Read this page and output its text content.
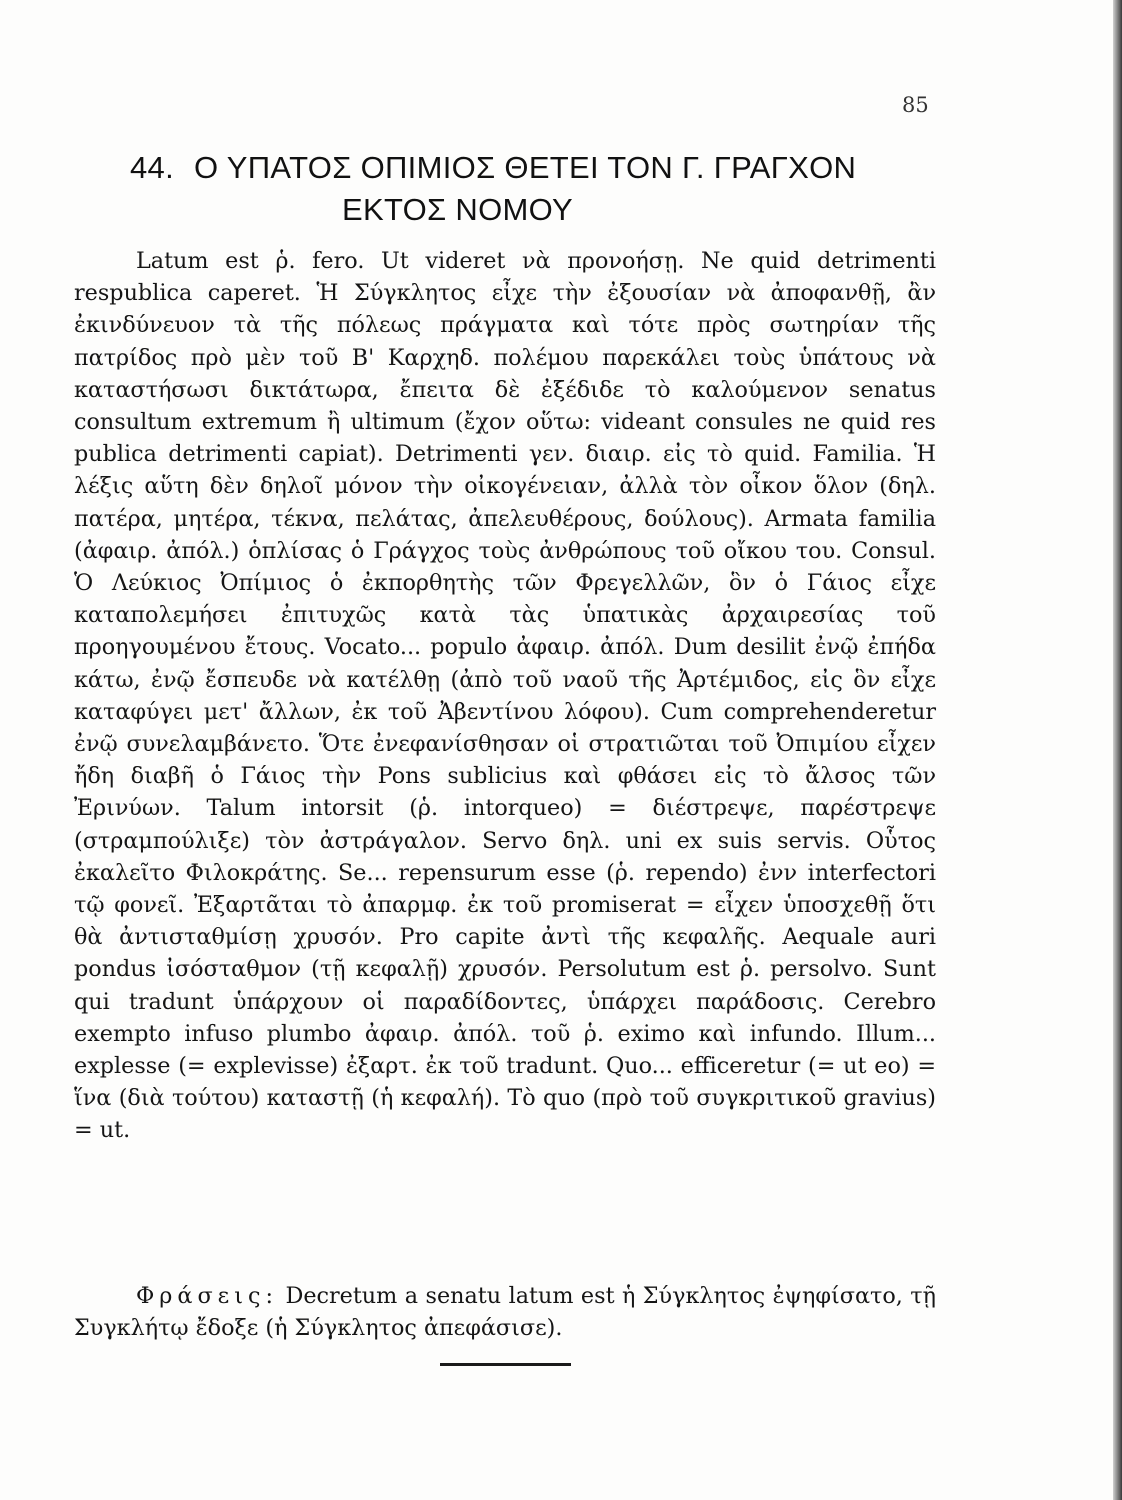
85
44. Ο ΥΠΑΤΟΣ ΟΠΙΜΙΟΣ ΘΕΤΕΙ ΤΟΝ Γ. ΓΡΑΓΧΟΝ
ΕΚΤΟΣ ΝΟΜΟΥ

Latum est ῥ. fero. Ut videret νὰ προνοήσῃ. Ne quid detrimenti respublica caperet. Ἡ Σύγκλητος εἶχε τὴν ἐξουσίαν νὰ ἀποφανθῇ, ἂν ἐκινδύνευον τὰ τῆς πόλεως πράγματα καὶ τότε πρὸς σωτηρίαν τῆς πατρίδος πρὸ μὲν τοῦ Β' Καρχηδ. πολέμου παρεκάλει τοὺς ὑπάτους νὰ καταστήσωσι δικτάτωρα, ἔπειτα δὲ ἐξέδιδε τὸ καλούμενον senatus consultum extremum ἢ ultimum (ἔχον οὕτω: videant consules ne quid res publica detrimenti capiat). Detrimenti γεν. διαιρ. εἰς τὸ quid. Familia. Ἡ λέξις αὕτη δὲν δηλοῖ μόνον τὴν οἰκογένειαν, ἀλλὰ τὸν οἶκον ὅλον (δηλ. πατέρα, μητέρα, τέκνα, πελάτας, ἀπελευθέρους, δούλους). Armata familia (ἀφαιρ. ἀπόλ.) ὁπλίσας ὁ Γράγχος τοὺς ἀνθρώπους τοῦ οἴκου του. Consul. Ὁ Λεύκιος Ὀπίμιος ὁ ἐκπορθητὴς τῶν Φρεγελλῶν, ὃν ὁ Γάιος εἶχε καταπολεμήσει ἐπιτυχῶς κατὰ τὰς ὑπατικὰς ἀρχαιρεσίας τοῦ προηγουμένου ἔτους. Vocato... populo ἀφαιρ. ἀπόλ. Dum desilit ἐνῷ ἐπήδα κάτω, ἐνῷ ἔσπευδε νὰ κατέλθῃ (ἀπὸ τοῦ ναοῦ τῆς Ἀρτέμιδος, εἰς ὃν εἶχε καταφύγει μετ' ἄλλων, ἐκ τοῦ Ἀβεντίνου λόφου). Cum comprehenderetur ἐνῷ συνελαμβάνετο. Ὅτε ἐνεφανίσθησαν οἱ στρατιῶται τοῦ Ὀπιμίου εἶχεν ἤδη διαβῆ ὁ Γάιος τὴν Pons sublicius καὶ φθάσει εἰς τὸ ἄλσος τῶν Ἐρινύων. Talum intorsit (ῥ. intorqueo) = διέστρεψε, παρέστρεψε (στραμπούλιξε) τὸν ἀστράγαλον. Servo δηλ. uni ex suis servis. Οὗτος ἐκαλεῖτο Φιλοκράτης. Se... repensurum esse (ῥ. rependo) ἐνν interfectori τῷ φονεῖ. Ἐξαρτᾶται τὸ ἀπαρμφ. ἐκ τοῦ promiserat = εἶχεν ὑποσχεθῇ ὅτι θὰ ἀντισταθμίσῃ χρυσόν. Pro capite ἀντὶ τῆς κεφαλῆς. Aequale auri pondus ἰσόσταθμον (τῇ κεφαλῇ) χρυσόν. Persolutum est ῥ. persolvo. Sunt qui tradunt ὑπάρχουν οἱ παραδίδοντες, ὑπάρχει παράδοσις. Cerebro exempto infuso plumbo ἀφαιρ. ἀπόλ. τοῦ ῥ. eximo καὶ infundo. Illum... explesse (= explevisse) ἐξαρτ. ἐκ τοῦ tradunt. Quo... efficeretur (= ut eo) = ἵνα (διὰ τούτου) καταστῇ (ἡ κεφαλή). Τὸ quo (πρὸ τοῦ συγκριτικοῦ gravius) = ut.

Φράσεις: Decretum a senatu latum est ἡ Σύγκλητος ἐψηφίσατο, τῇ Συγκλήτῳ ἔδοξε (ἡ Σύγκλητος ἀπεφάσισε).
